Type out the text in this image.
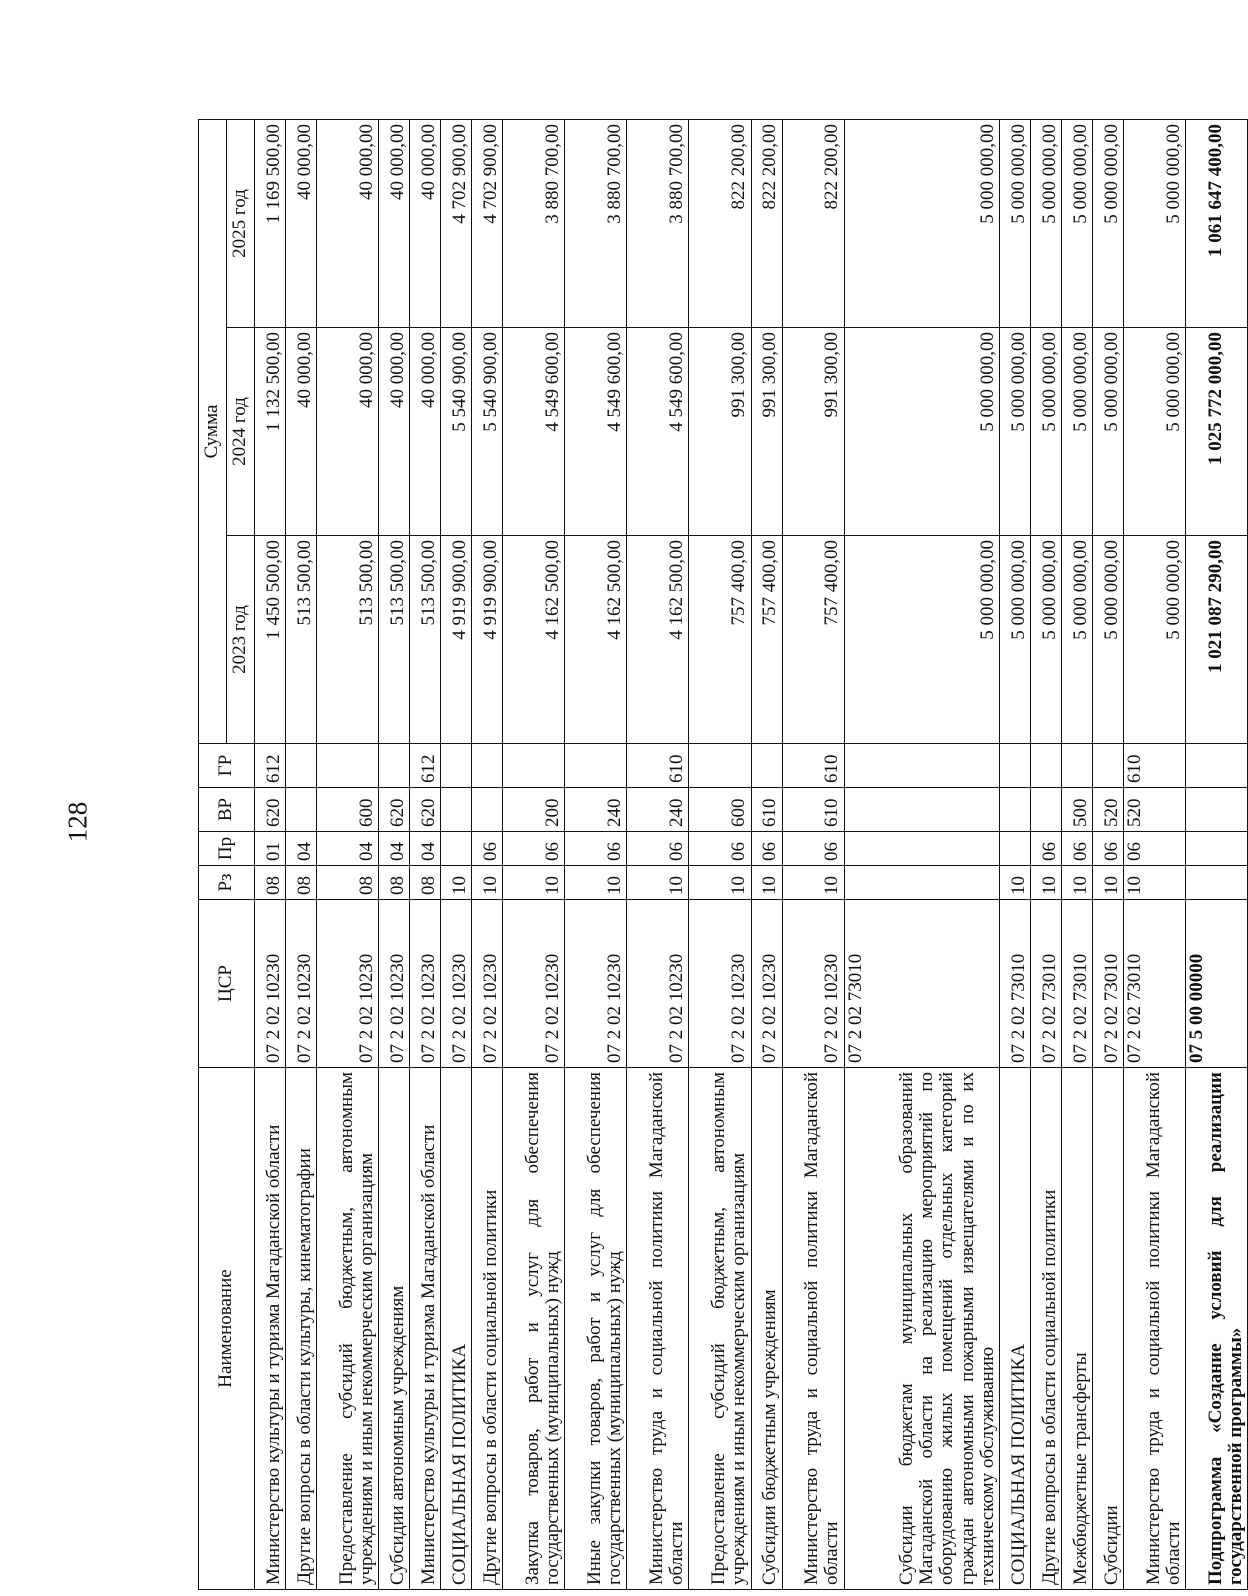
128
Наименование	ЦСР	Рз	Пр	ВР	ГР	Сумма		
						2023 год	2024 год	2025 год
Министерство культуры и туризма Магаданской области	07 2 02 10230	08	01	620	612	1 450 500,00	1 132 500,00	1 169 500,00
Другие вопросы в области культуры, кинематографии	07 2 02 10230	08	04			513 500,00	40 000,00	40 000,00
Предоставление субсидий бюджетным, автономным учреждениям и иным некоммерческим организациям	07 2 02 10230	08	04	600		513 500,00	40 000,00	40 000,00
Субсидии автономным учреждениям	07 2 02 10230	08	04	620		513 500,00	40 000,00	40 000,00
Министерство культуры и туризма Магаданской области	07 2 02 10230	08	04	620	612	513 500,00	40 000,00	40 000,00
СОЦИАЛЬНАЯ ПОЛИТИКА	07 2 02 10230	10				4 919 900,00	5 540 900,00	4 702 900,00
Другие вопросы в области социальной политики	07 2 02 10230	10	06			4 919 900,00	5 540 900,00	4 702 900,00
Закупка товаров, работ и услуг для обеспечения государственных (муниципальных) нужд	07 2 02 10230	10	06	200		4 162 500,00	4 549 600,00	3 880 700,00
Иные закупки товаров, работ и услуг для обеспечения государственных (муниципальных) нужд	07 2 02 10230	10	06	240		4 162 500,00	4 549 600,00	3 880 700,00
Министерство труда и социальной политики Магаданской области	07 2 02 10230	10	06	240	610	4 162 500,00	4 549 600,00	3 880 700,00
Предоставление субсидий бюджетным, автономным учреждениям и иным некоммерческим организациям	07 2 02 10230	10	06	600		757 400,00	991 300,00	822 200,00
Субсидии бюджетным учреждениям	07 2 02 10230	10	06	610		757 400,00	991 300,00	822 200,00
Министерство труда и социальной политики Магаданской области	07 2 02 10230	10	06	610	610	757 400,00	991 300,00	822 200,00
Субсидии бюджетам муниципальных образований Магаданской области на реализацию мероприятий по оборудованию жилых помещений отдельных категорий граждан автономными пожарными извещателями и по их техническому обслуживанию	07 2 02 73010					5 000 000,00	5 000 000,00	5 000 000,00
СОЦИАЛЬНАЯ ПОЛИТИКА	07 2 02 73010	10				5 000 000,00	5 000 000,00	5 000 000,00
Другие вопросы в области социальной политики	07 2 02 73010	10	06			5 000 000,00	5 000 000,00	5 000 000,00
Межбюджетные трансферты	07 2 02 73010	10	06	500		5 000 000,00	5 000 000,00	5 000 000,00
Субсидии	07 2 02 73010	10	06	520		5 000 000,00	5 000 000,00	5 000 000,00
Министерство труда и социальной политики Магаданской области	07 2 02 73010	10	06	520	610	5 000 000,00	5 000 000,00	5 000 000,00
Подпрограмма «Создание условий для реализации государственной программы»	07 5 00 00000					1 021 087 290,00	1 025 772 000,00	1 061 647 400,00
